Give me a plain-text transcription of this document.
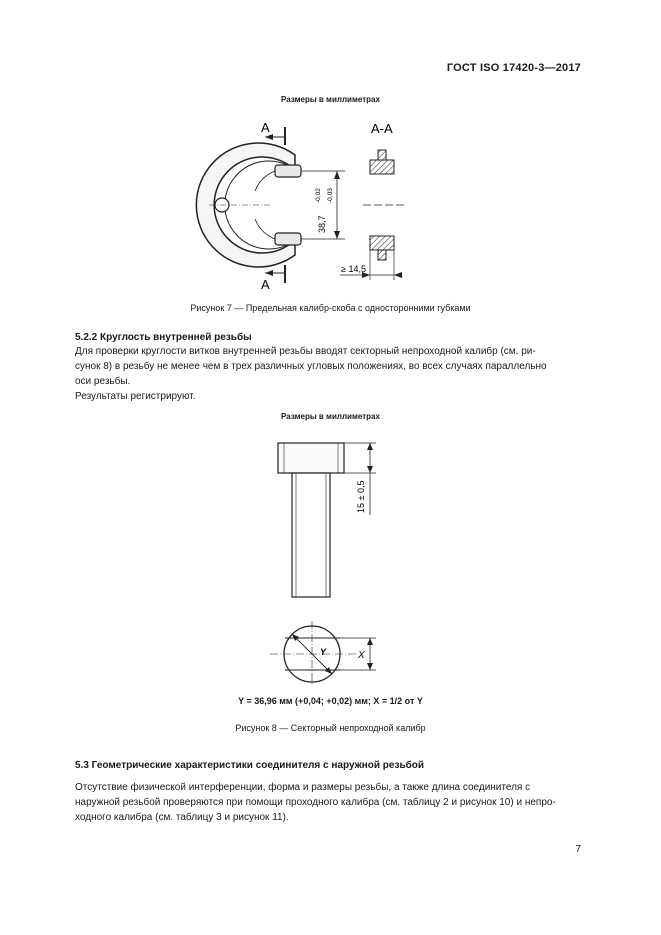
ГОСТ ISO 17420-3—2017
Размеры в миллиметрах
А
А
38,7
-0,02 -0,03
А-А
≥ 14,5
Рисунок 7 — Предельная калибр-скоба с односторонними губками
5.2.2 Круглость внутренней резьбы
Для проверки круглости витков внутренней резьбы вводят секторный непроходной калибр (см. ри-
сунок 8) в резьбу не менее чем в трех различных угловых положениях, во всех случаях параллельно
оси резьбы.
Результаты регистрируют.
Размеры в миллиметрах
15 ± 0,5
Y	X
Y = 36,96 мм (+0,04; +0,02) мм; X = 1/2 от Y
Рисунок 8 — Секторный непроходной калибр
5.3 Геометрические характеристики соединителя с наружной резьбой
Отсутствие физической интерференции, форма и размеры резьбы, а также длина соединителя с
наружной резьбой проверяются при помощи проходного калибра (см. таблицу 2 и рисунок 10) и непро-
ходного калибра (см. таблицу 3 и рисунок 11).
7
